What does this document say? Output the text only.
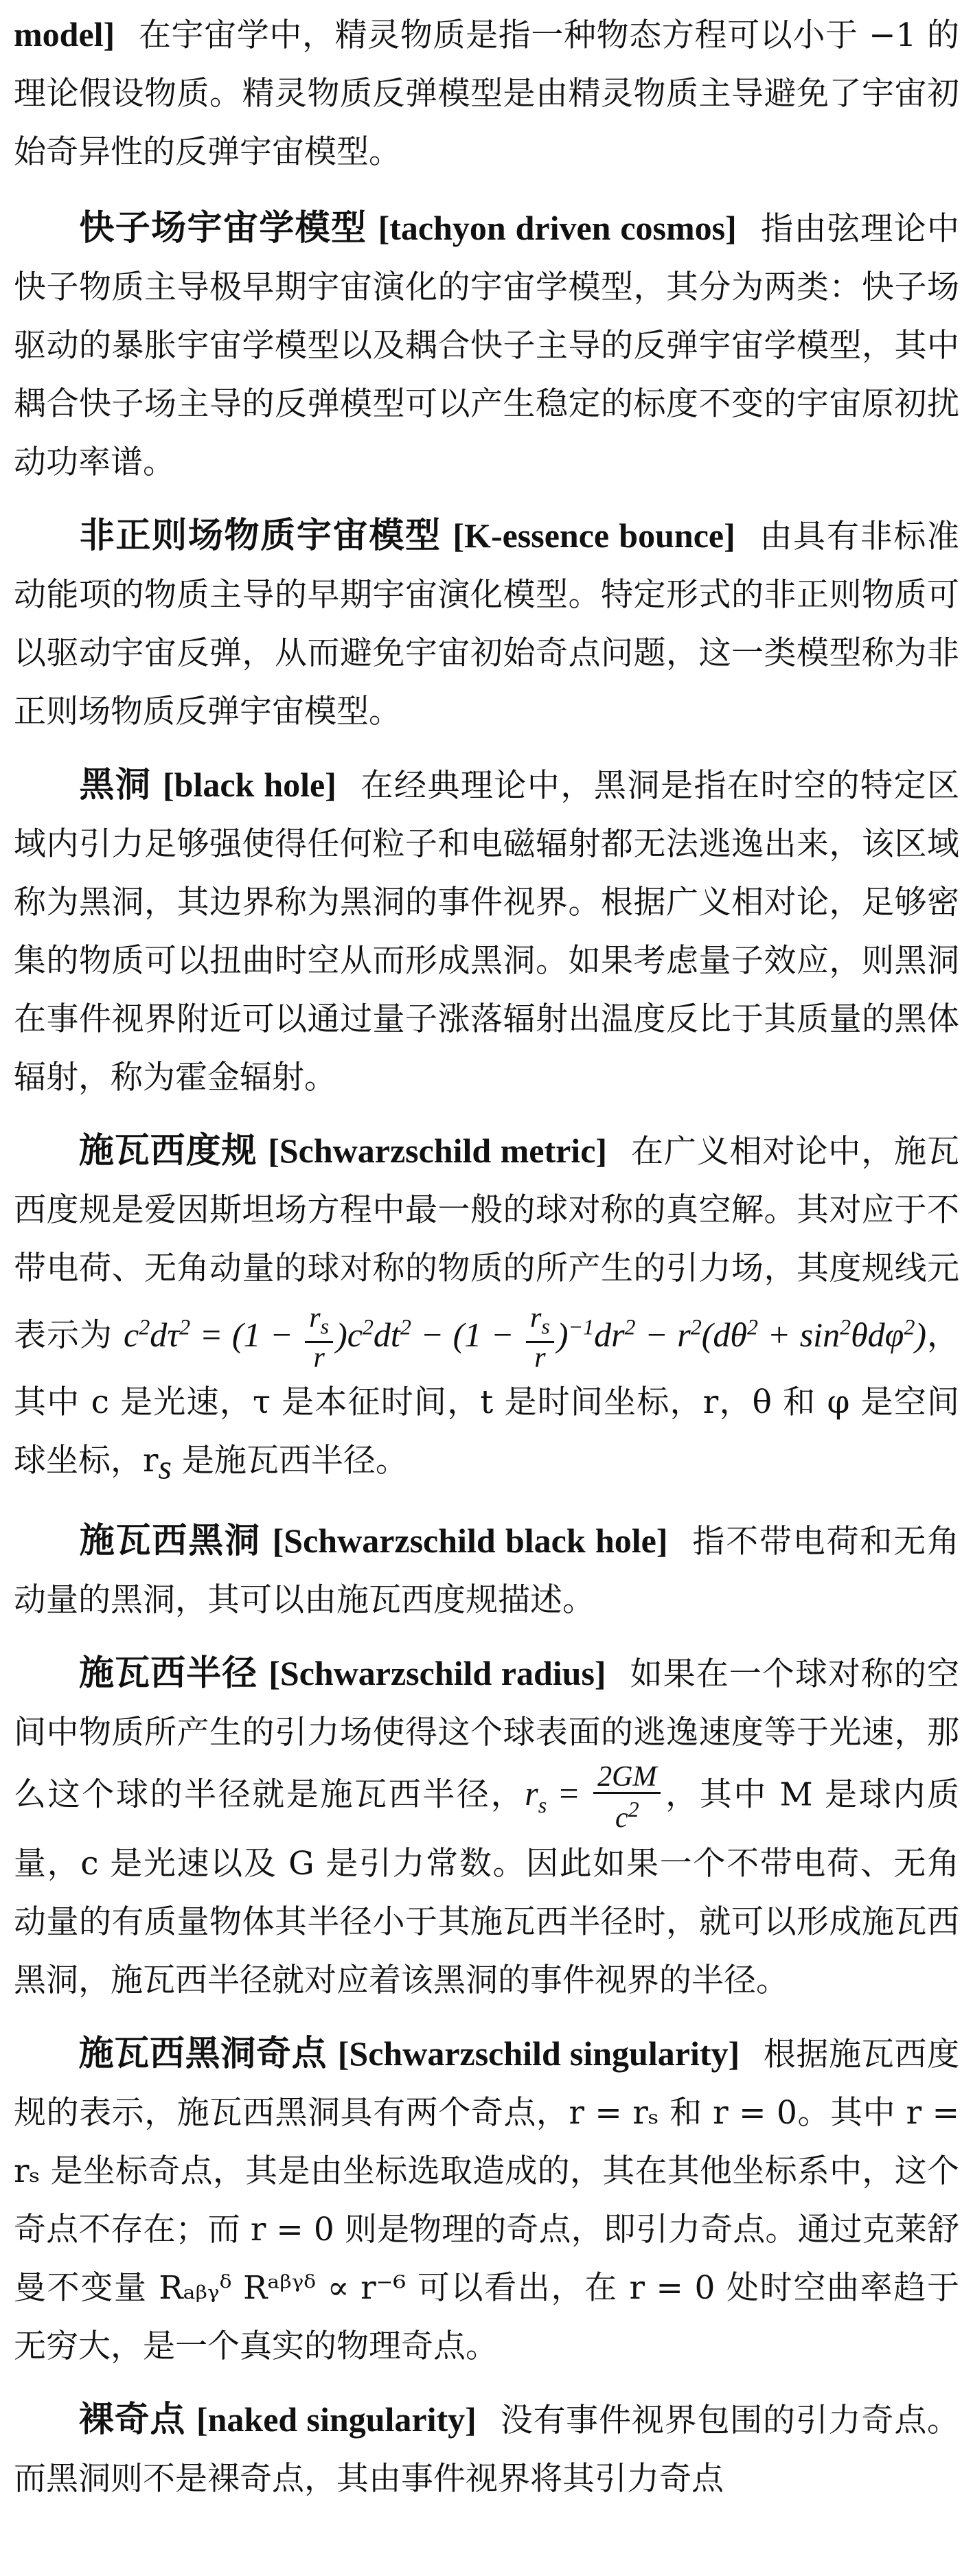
model] 在宇宙学中，精灵物质是指一种物态方程可以小于 −1 的理论假设物质。精灵物质反弹模型是由精灵物质主导避免了宇宙初始奇异性的反弹宇宙模型。

快子场宇宙学模型 [tachyon driven cosmos] 指由弦理论中快子物质主导极早期宇宙演化的宇宙学模型，其分为两类：快子场驱动的暴胀宇宙学模型以及耦合快子主导的反弹宇宙学模型，其中耦合快子场主导的反弹模型可以产生稳定的标度不变的宇宙原初扰动功率谱。

非正则场物质宇宙模型 [K-essence bounce] 由具有非标准动能项的物质主导的早期宇宙演化模型。特定形式的非正则物质可以驱动宇宙反弹，从而避免宇宙初始奇点问题，这一类模型称为非正则场物质反弹宇宙模型。

黑洞 [black hole] 在经典理论中，黑洞是指在时空的特定区域内引力足够强使得任何粒子和电磁辐射都无法逃逸出来，该区域称为黑洞，其边界称为黑洞的事件视界。根据广义相对论，足够密集的物质可以扭曲时空从而形成黑洞。如果考虑量子效应，则黑洞在事件视界附近可以通过量子涨落辐射出温度反比于其质量的黑体辐射，称为霍金辐射。

施瓦西度规 [Schwarzschild metric] 在广义相对论中，施瓦西度规是爱因斯坦场方程中最一般的球对称的真空解。其对应于不带电荷、无角动量的球对称的物质的所产生的引力场，其度规线元表示为 $c^2d\tau^2 = (1 - \frac{r_s}{r} )c^2dt^2 - (1 - \frac{r_s}{r} )^{-1}dr^2 - r^2(d\theta^2 + \sin^2\theta d\varphi^2)$，其中 c 是光速，τ 是本征时间，t 是时间坐标，r，θ 和 φ 是空间球坐标，$r_s$ 是施瓦西半径。

施瓦西黑洞 [Schwarzschild black hole] 指不带电荷和无角动量的黑洞，其可以由施瓦西度规描述。

施瓦西半径 [Schwarzschild radius] 如果在一个球对称的空间中物质所产生的引力场使得这个球表面的逃逸速度等于光速，那么这个球的半径就是施瓦西半径，$r_s = \frac{2GM}{c^2}$ ，其中 M 是球内质量，c 是光速以及 G 是引力常数。因此如果一个不带电荷、无角动量的有质量物体其半径小于其施瓦西半径时，就可以形成施瓦西黑洞，施瓦西半径就对应着该黑洞的事件视界的半径。

施瓦西黑洞奇点 [Schwarzschild singularity] 根据施瓦西度规的表示，施瓦西黑洞具有两个奇点，r = rₛ 和 r = 0。其中 r = rₛ 是坐标奇点，其是由坐标选取造成的，其在其他坐标系中，这个奇点不存在；而 r = 0 则是物理的奇点，即引力奇点。通过克莱舒曼不变量 Rₐᵦᵧᵟ Rᵃᵝᵞᵟ ∝ r⁻⁶ 可以看出，在 r = 0 处时空曲率趋于无穷大，是一个真实的物理奇点。

裸奇点 [naked singularity] 没有事件视界包围的引力奇点。而黑洞则不是裸奇点，其由事件视界将其引力奇点
